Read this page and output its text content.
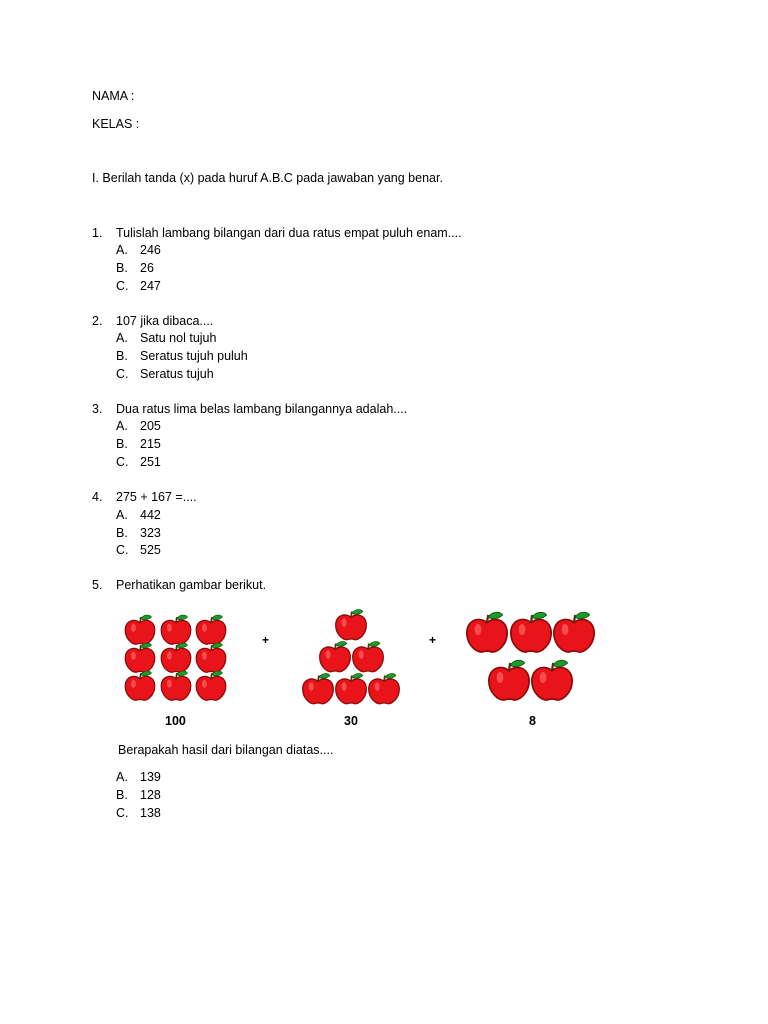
NAMA :
KELAS :
I. Berilah tanda (x) pada huruf A.B.C pada jawaban yang benar.
1. Tulislah lambang bilangan dari dua ratus empat puluh enam....
A. 246
B. 26
C. 247
2. 107 jika dibaca....
A. Satu nol tujuh
B. Seratus tujuh puluh
C. Seratus tujuh
3. Dua ratus lima belas lambang bilangannya adalah....
A. 205
B. 215
C. 251
4. 275 + 167 =....
A. 442
B. 323
C. 525
5. Perhatikan gambar berikut.
+	+
100	30	8
Berapakah hasil dari bilangan diatas....
A. 139
B. 128
C. 138
